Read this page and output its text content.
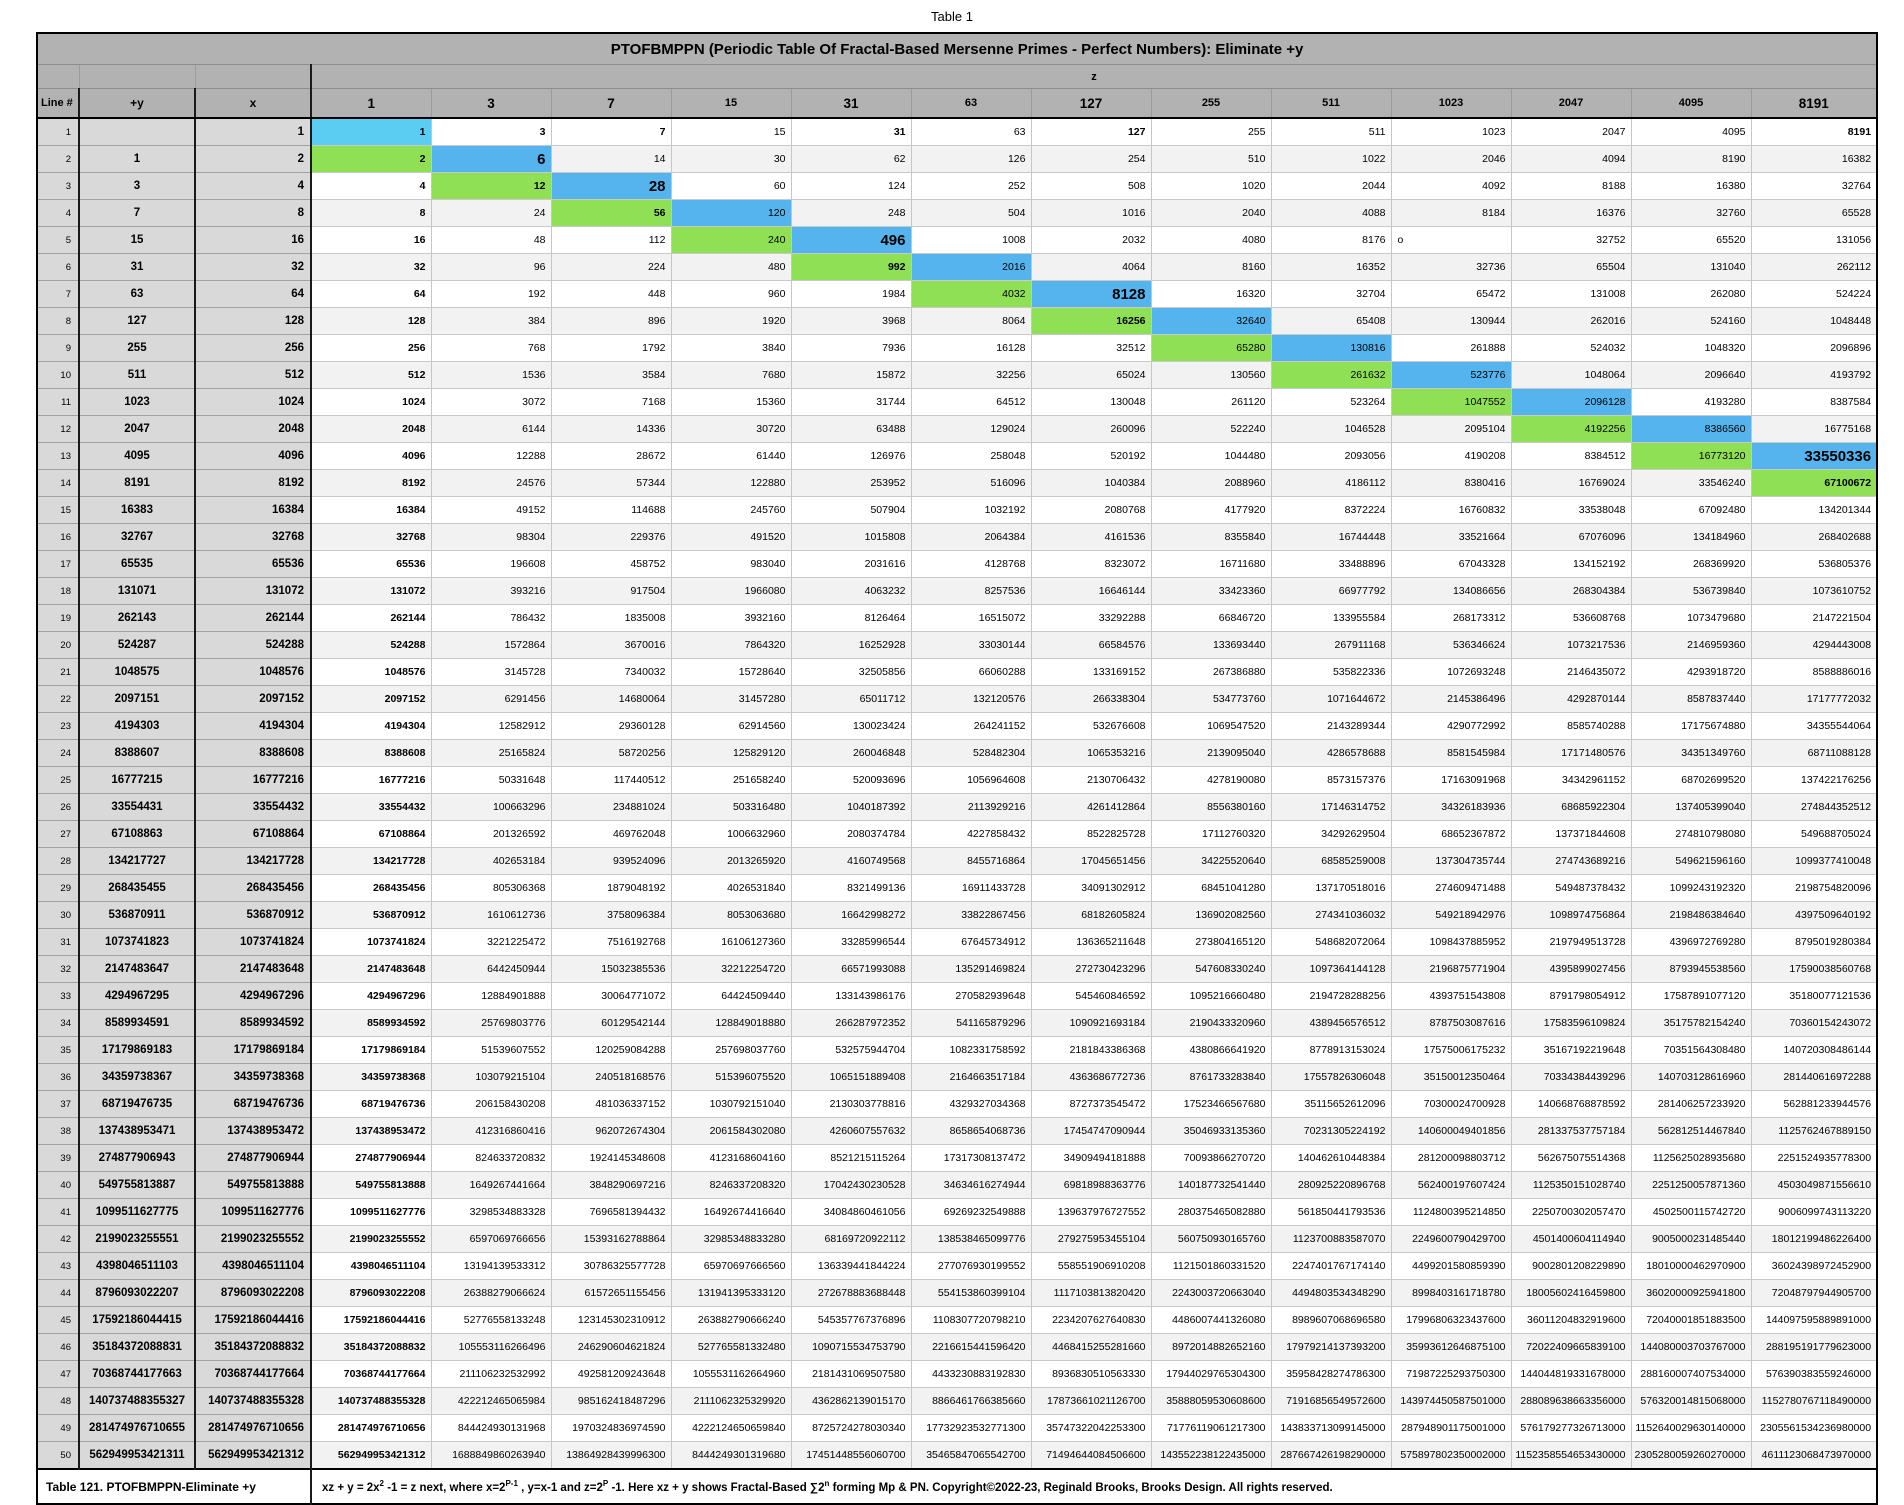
Table 1
PTOFBMPPN (Periodic Table Of Fractal-Based Mersenne Primes - Perfect Numbers): Eliminate +y															
			z												
Line #	+y	x	1	3	7	15	31	63	127	255	511	1023	2047	4095	8191
1		1	1	3	7	15	31	63	127	255	511	1023	2047	4095	8191
2	1	2	2	6	14	30	62	126	254	510	1022	2046	4094	8190	16382
3	3	4	4	12	28	60	124	252	508	1020	2044	4092	8188	16380	32764
4	7	8	8	24	56	120	248	504	1016	2040	4088	8184	16376	32760	65528
5	15	16	16	48	112	240	496	1008	2032	4080	8176	o	32752	65520	131056
6	31	32	32	96	224	480	992	2016	4064	8160	16352	32736	65504	131040	262112
7	63	64	64	192	448	960	1984	4032	8128	16320	32704	65472	131008	262080	524224
8	127	128	128	384	896	1920	3968	8064	16256	32640	65408	130944	262016	524160	1048448
9	255	256	256	768	1792	3840	7936	16128	32512	65280	130816	261888	524032	1048320	2096896
10	511	512	512	1536	3584	7680	15872	32256	65024	130560	261632	523776	1048064	2096640	4193792
11	1023	1024	1024	3072	7168	15360	31744	64512	130048	261120	523264	1047552	2096128	4193280	8387584
12	2047	2048	2048	6144	14336	30720	63488	129024	260096	522240	1046528	2095104	4192256	8386560	16775168
13	4095	4096	4096	12288	28672	61440	126976	258048	520192	1044480	2093056	4190208	8384512	16773120	33550336
14	8191	8192	8192	24576	57344	122880	253952	516096	1040384	2088960	4186112	8380416	16769024	33546240	67100672
15	16383	16384	16384	49152	114688	245760	507904	1032192	2080768	4177920	8372224	16760832	33538048	67092480	134201344
16	32767	32768	32768	98304	229376	491520	1015808	2064384	4161536	8355840	16744448	33521664	67076096	134184960	268402688
17	65535	65536	65536	196608	458752	983040	2031616	4128768	8323072	16711680	33488896	67043328	134152192	268369920	536805376
18	131071	131072	131072	393216	917504	1966080	4063232	8257536	16646144	33423360	66977792	134086656	268304384	536739840	1073610752
19	262143	262144	262144	786432	1835008	3932160	8126464	16515072	33292288	66846720	133955584	268173312	536608768	1073479680	2147221504
20	524287	524288	524288	1572864	3670016	7864320	16252928	33030144	66584576	133693440	267911168	536346624	1073217536	2146959360	4294443008
21	1048575	1048576	1048576	3145728	7340032	15728640	32505856	66060288	133169152	267386880	535822336	1072693248	2146435072	4293918720	8588886016
22	2097151	2097152	2097152	6291456	14680064	31457280	65011712	132120576	266338304	534773760	1071644672	2145386496	4292870144	8587837440	17177772032
23	4194303	4194304	4194304	12582912	29360128	62914560	130023424	264241152	532676608	1069547520	2143289344	4290772992	8585740288	17175674880	34355544064
24	8388607	8388608	8388608	25165824	58720256	125829120	260046848	528482304	1065353216	2139095040	4286578688	8581545984	17171480576	34351349760	68711088128
25	16777215	16777216	16777216	50331648	117440512	251658240	520093696	1056964608	2130706432	4278190080	8573157376	17163091968	34342961152	68702699520	137422176256
26	33554431	33554432	33554432	100663296	234881024	503316480	1040187392	2113929216	4261412864	8556380160	17146314752	34326183936	68685922304	137405399040	274844352512
27	67108863	67108864	67108864	201326592	469762048	1006632960	2080374784	4227858432	8522825728	17112760320	34292629504	68652367872	137371844608	274810798080	549688705024
28	134217727	134217728	134217728	402653184	939524096	2013265920	4160749568	8455716864	17045651456	34225520640	68585259008	137304735744	274743689216	549621596160	1099377410048
29	268435455	268435456	268435456	805306368	1879048192	4026531840	8321499136	16911433728	34091302912	68451041280	137170518016	274609471488	549487378432	1099243192320	2198754820096
30	536870911	536870912	536870912	1610612736	3758096384	8053063680	16642998272	33822867456	68182605824	136902082560	274341036032	549218942976	1098974756864	2198486384640	4397509640192
31	1073741823	1073741824	1073741824	3221225472	7516192768	16106127360	33285996544	67645734912	136365211648	273804165120	548682072064	1098437885952	2197949513728	4396972769280	8795019280384
32	2147483647	2147483648	2147483648	6442450944	15032385536	32212254720	66571993088	135291469824	272730423296	547608330240	1097364144128	2196875771904	4395899027456	8793945538560	17590038560768
33	4294967295	4294967296	4294967296	12884901888	30064771072	64424509440	133143986176	270582939648	545460846592	1095216660480	2194728288256	4393751543808	8791798054912	17587891077120	35180077121536
34	8589934591	8589934592	8589934592	25769803776	60129542144	128849018880	266287972352	541165879296	1090921693184	2190433320960	4389456576512	8787503087616	17583596109824	35175782154240	70360154243072
35	17179869183	17179869184	17179869184	51539607552	120259084288	257698037760	532575944704	1082331758592	2181843386368	4380866641920	8778913153024	17575006175232	35167192219648	70351564308480	140720308486144
36	34359738367	34359738368	34359738368	103079215104	240518168576	515396075520	1065151889408	2164663517184	4363686772736	8761733283840	17557826306048	35150012350464	70334384439296	140703128616960	281440616972288
37	68719476735	68719476736	68719476736	206158430208	481036337152	1030792151040	2130303778816	4329327034368	8727373545472	17523466567680	35115652612096	70300024700928	140668768878592	281406257233920	562881233944576
38	137438953471	137438953472	137438953472	412316860416	962072674304	2061584302080	4260607557632	8658654068736	17454747090944	35046933135360	70231305224192	140600049401856	281337537757184	562812514467840	1125762467889150
39	274877906943	274877906944	274877906944	824633720832	1924145348608	4123168604160	8521215115264	17317308137472	34909494181888	70093866270720	140462610448384	281200098803712	562675075514368	1125625028935680	2251524935778300
40	549755813887	549755813888	549755813888	1649267441664	3848290697216	8246337208320	17042430230528	34634616274944	69818988363776	140187732541440	280925220896768	562400197607424	1125350151028740	2251250057871360	4503049871556610
41	1099511627775	1099511627776	1099511627776	3298534883328	7696581394432	16492674416640	34084860461056	69269232549888	139637976727552	280375465082880	561850441793536	1124800395214850	2250700302057470	4502500115742720	9006099743113220
42	2199023255551	2199023255552	2199023255552	6597069766656	15393162788864	32985348833280	68169720922112	138538465099776	279275953455104	560750930165760	1123700883587070	2249600790429700	4501400604114940	9005000231485440	18012199486226400
43	4398046511103	4398046511104	4398046511104	13194139533312	30786325577728	65970697666560	136339441844224	277076930199552	558551906910208	1121501860331520	2247401767174140	4499201580859390	9002801208229890	18010000462970900	36024398972452900
44	8796093022207	8796093022208	8796093022208	26388279066624	61572651155456	131941395333120	272678883688448	554153860399104	1117103813820420	2243003720663040	4494803534348290	8998403161718780	18005602416459800	36020000925941800	72048797944905700
45	17592186044415	17592186044416	17592186044416	52776558133248	123145302310912	263882790666240	545357767376896	1108307720798210	2234207627640830	4486007441326080	8989607068696580	17996806323437600	36011204832919600	72040001851883500	144097595889891000
46	35184372088831	35184372088832	35184372088832	105553116266496	246290604621824	527765581332480	1090715534753790	2216615441596420	4468415255281660	8972014882652160	17979214137393200	35993612646875100	72022409665839100	144080003703767000	288195191779623000
47	70368744177663	70368744177664	70368744177664	211106232532992	492581209243648	1055531162664960	2181431069507580	4433230883192830	8936830510563330	17944029765304300	35958428274786300	71987225293750300	144044819331678000	288160007407534000	576390383559246000
48	140737488355327	140737488355328	140737488355328	422212465065984	985162418487296	2111062325329920	4362862139015170	8866461766385660	17873661021126700	35888059530608600	71916856549572600	143974450587501000	288089638663356000	576320014815068000	1152780767118490000
49	281474976710655	281474976710656	281474976710656	844424930131968	1970324836974590	4222124650659840	8725724278030340	17732923532771300	35747322042253300	71776119061217300	143833713099145000	287948901175001000	576179277326713000	1152640029630140000	2305561534236980000
50	562949953421311	562949953421312	562949953421312	1688849860263940	13864928439996300	8444249301319680	17451448556060700	35465847065542700	71494644084506600	143552238122435000	287667426198290000	575897802350002000	1152358554653430000	2305280059260270000	4611123068473970000
Table 121. PTOFBMPPN-Eliminate +y			xz + $y = 2x^2$ -1 = z next, where $x=2^{P-1}$ , y=x-1 and $z=2^P$ -1. Here xz + y shows Fractal-Based ∑2$^n$ forming Mp & PN. Copyright©2022-23, Reginald Brooks, Brooks Design. All rights reserved.												
